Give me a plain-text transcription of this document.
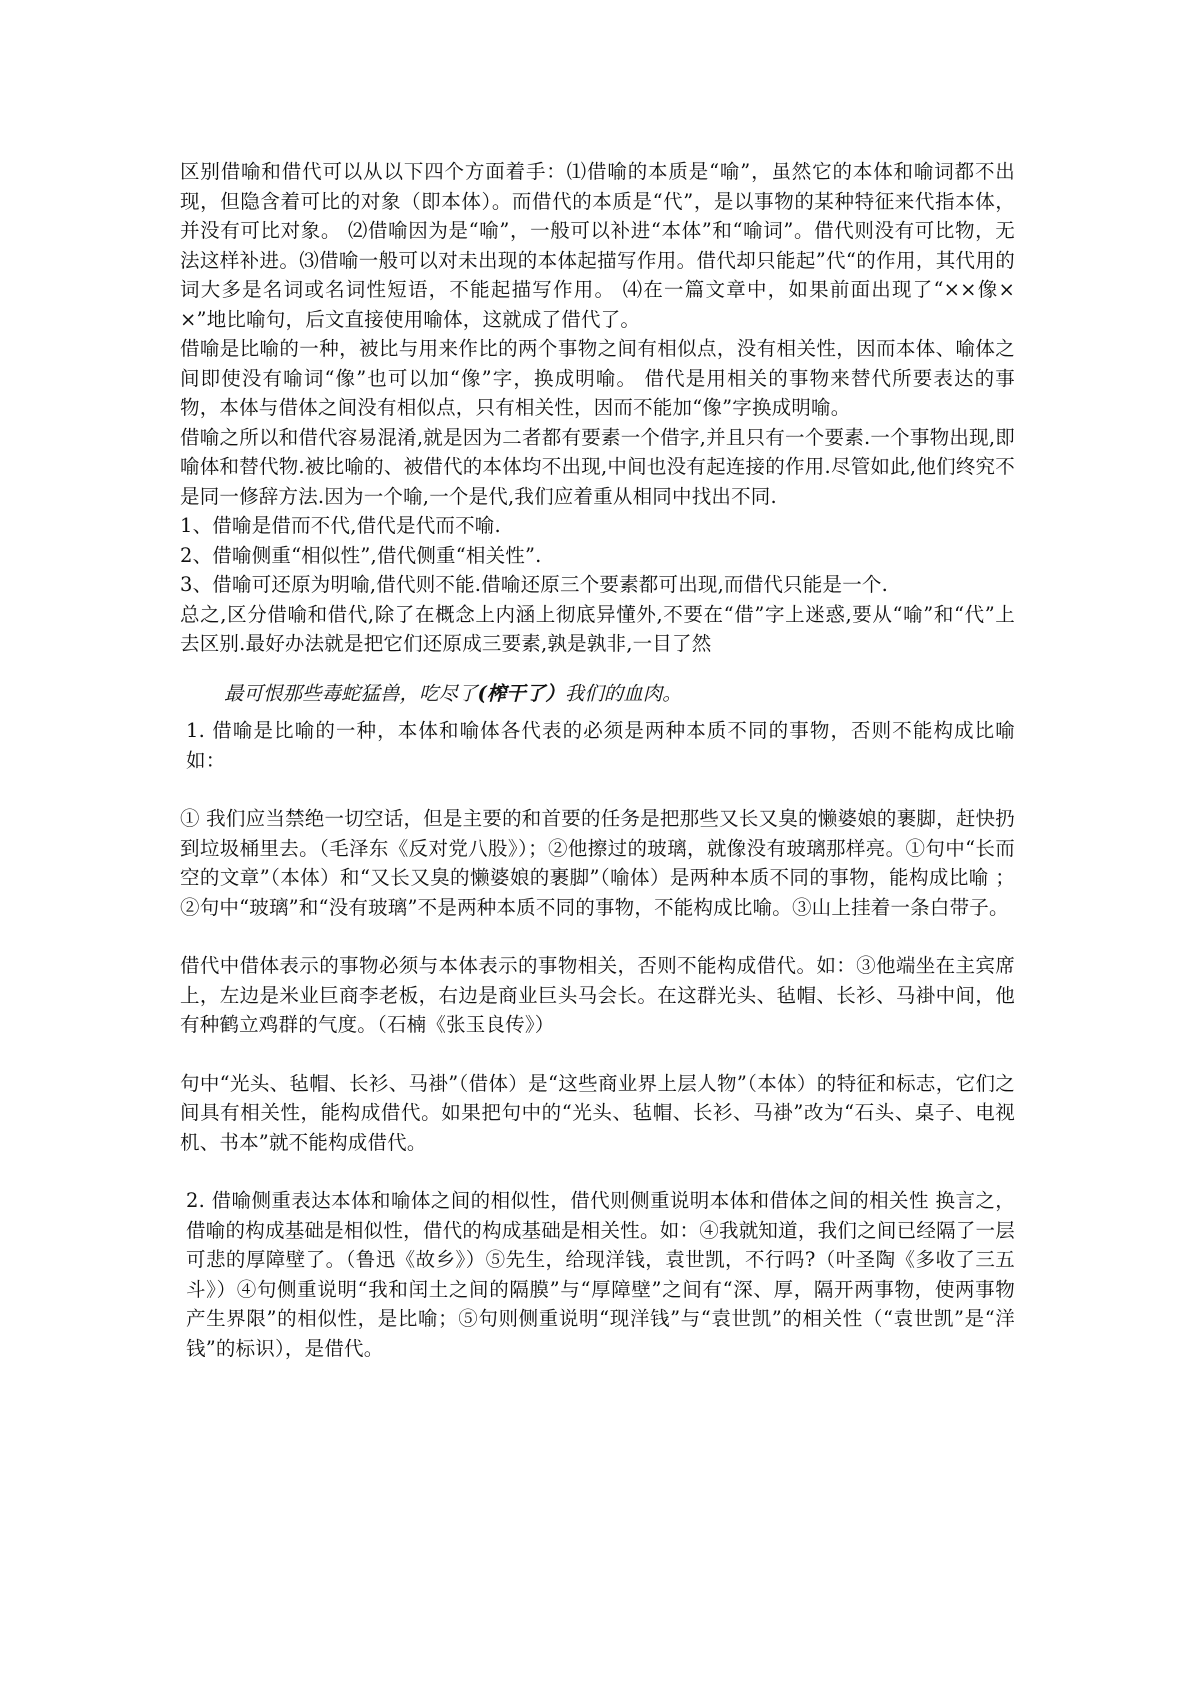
区别借喻和借代可以从以下四个方面着手：⑴借喻的本质是“喻”，虽然它的本体和喻词都不出现，但隐含着可比的对象（即本体）。而借代的本质是“代”，是以事物的某种特征来代指本体，并没有可比对象。 ⑵借喻因为是“喻”，一般可以补进“本体”和“喻词”。借代则没有可比物，无法这样补进。⑶借喻一般可以对未出现的本体起描写作用。借代却只能起”代“的作用，其代用的词大多是名词或名词性短语，不能起描写作用。 ⑷在一篇文章中，如果前面出现了“××像××”地比喻句，后文直接使用喻体，这就成了借代了。

借喻是比喻的一种，被比与用来作比的两个事物之间有相似点，没有相关性，因而本体、喻体之间即使没有喻词“像”也可以加“像”字，换成明喻。 借代是用相关的事物来替代所要表达的事物，本体与借体之间没有相似点，只有相关性，因而不能加“像”字换成明喻。

借喻之所以和借代容易混淆,就是因为二者都有要素一个借字,并且只有一个要素.一个事物出现,即喻体和替代物.被比喻的、被借代的本体均不出现,中间也没有起连接的作用.尽管如此,他们终究不是同一修辞方法.因为一个喻,一个是代,我们应着重从相同中找出不同.

1、借喻是借而不代,借代是代而不喻.

2、借喻侧重“相似性”,借代侧重“相关性”.

3、借喻可还原为明喻,借代则不能.借喻还原三个要素都可出现,而借代只能是一个.

总之,区分借喻和借代,除了在概念上内涵上彻底异懂外,不要在“借”字上迷惑,要从“喻”和“代”上去区别.最好办法就是把它们还原成三要素,孰是孰非,一目了然

最可恨那些毒蛇猛兽，吃尽了(榨干了）我们的血肉。

1. 借喻是比喻的一种，本体和喻体各代表的必须是两种本质不同的事物，否则不能构成比喻 如：

① 我们应当禁绝一切空话，但是主要的和首要的任务是把那些又长又臭的懒婆娘的裹脚，赶快扔到垃圾桶里去。（毛泽东《反对党八股》）；②他擦过的玻璃，就像没有玻璃那样亮。①句中“长而空的文章”（本体）和“又长又臭的懒婆娘的裹脚”（喻体）是两种本质不同的事物，能构成比喻 ；②句中“玻璃”和“没有玻璃”不是两种本质不同的事物，不能构成比喻。③山上挂着一条白带子。

借代中借体表示的事物必须与本体表示的事物相关，否则不能构成借代。如：③他端坐在主宾席上，左边是米业巨商李老板，右边是商业巨头马会长。在这群光头、毡帽、长衫、马褂中间，他有种鹤立鸡群的气度。（石楠《张玉良传》）

句中“光头、毡帽、长衫、马褂”（借体）是“这些商业界上层人物”（本体）的特征和标志，它们之间具有相关性，能构成借代。如果把句中的“光头、毡帽、长衫、马褂”改为“石头、桌子、电视机、书本”就不能构成借代。

2. 借喻侧重表达本体和喻体之间的相似性，借代则侧重说明本体和借体之间的相关性 换言之，借喻的构成基础是相似性，借代的构成基础是相关性。如：④我就知道，我们之间已经隔了一层可悲的厚障壁了。（鲁迅《故乡》）⑤先生，给现洋钱，袁世凯，不行吗?（叶圣陶《多收了三五斗》）④句侧重说明“我和闰土之间的隔膜”与“厚障壁”之间有“深、厚，隔开两事物，使两事物产生界限”的相似性，是比喻；⑤句则侧重说明“现洋钱”与“袁世凯”的相关性（“袁世凯”是“洋钱”的标识），是借代。
